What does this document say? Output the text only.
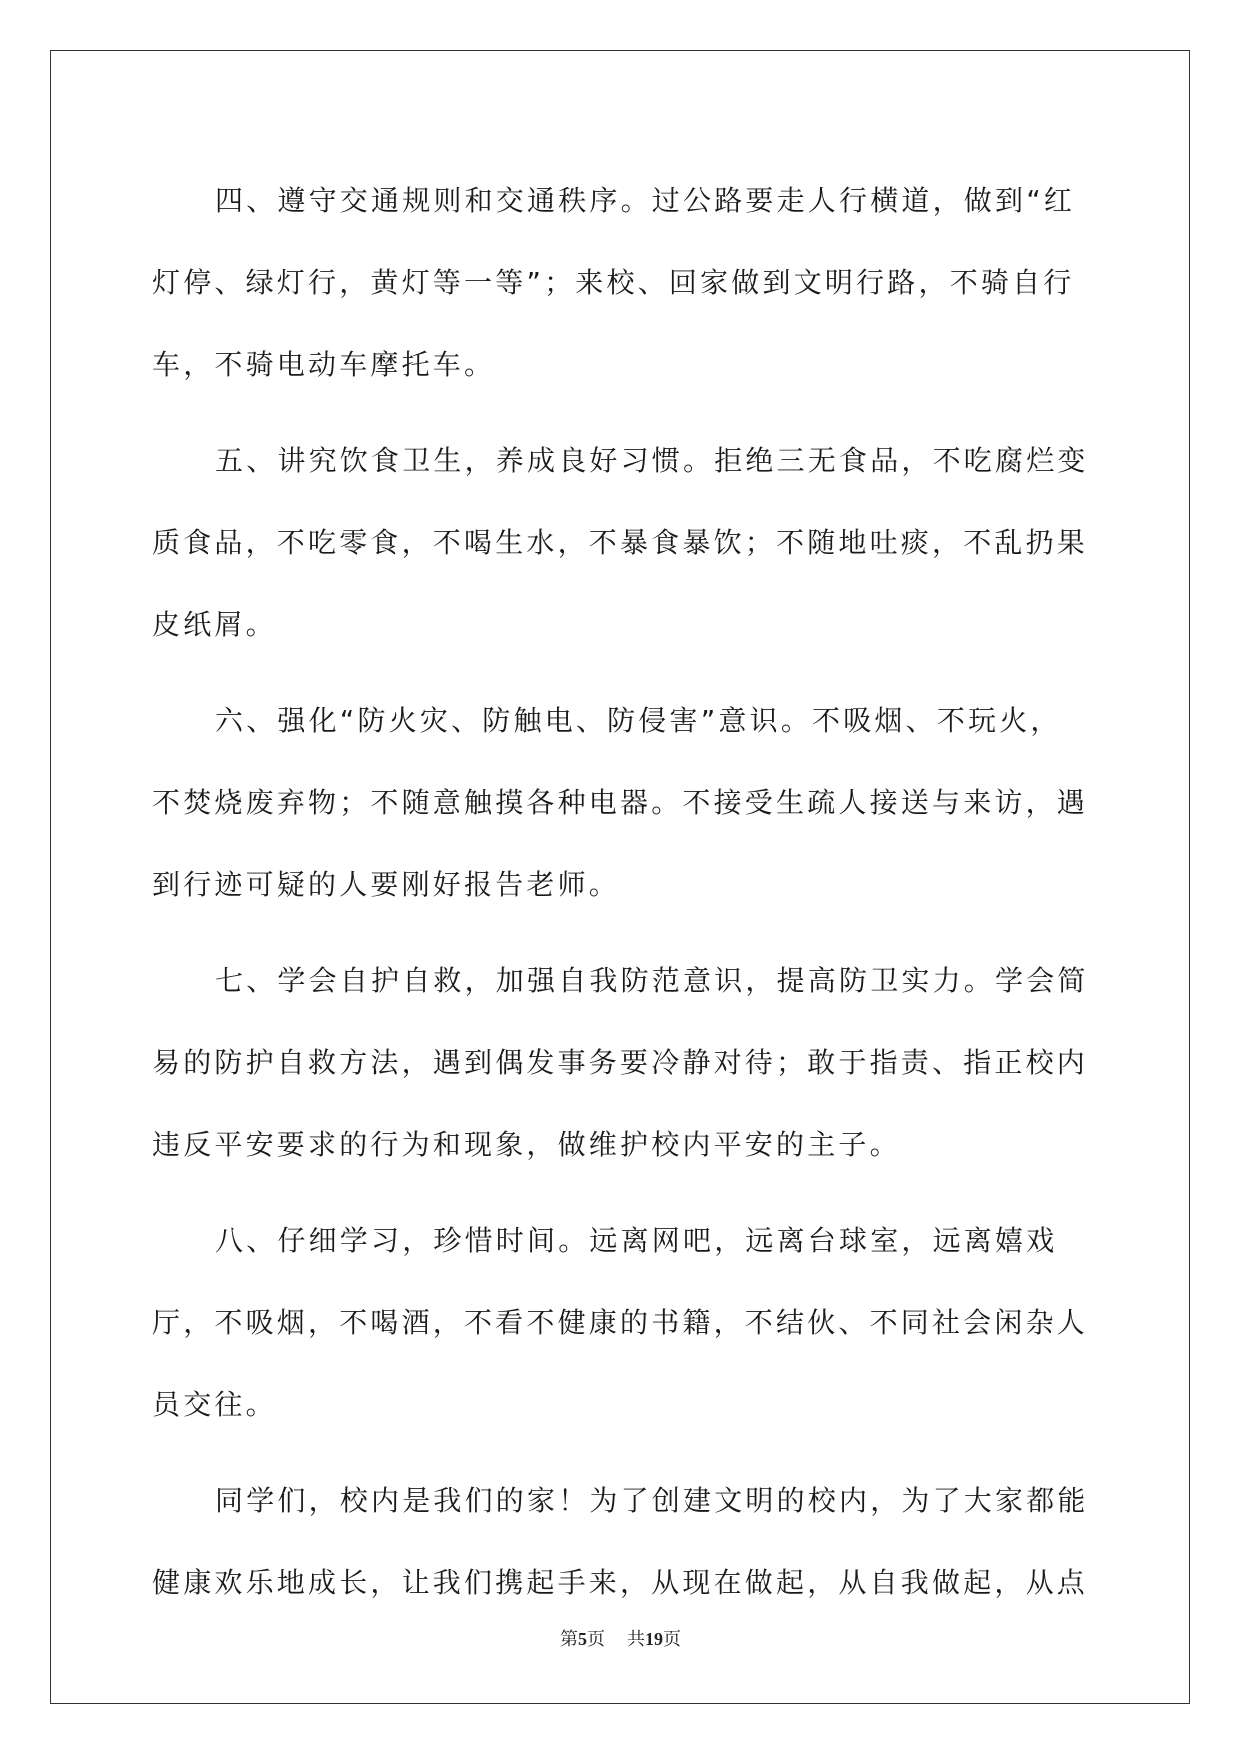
四、遵守交通规则和交通秩序。过公路要走人行横道，做到“红灯停、绿灯行，黄灯等一等”；来校、回家做到文明行路，不骑自行车，不骑电动车摩托车。

五、讲究饮食卫生，养成良好习惯。拒绝三无食品，不吃腐烂变质食品，不吃零食，不喝生水，不暴食暴饮；不随地吐痰，不乱扔果皮纸屑。

六、强化“防火灾、防触电、防侵害”意识。不吸烟、不玩火，不焚烧废弃物；不随意触摸各种电器。不接受生疏人接送与来访，遇到行迹可疑的人要刚好报告老师。

七、学会自护自救，加强自我防范意识，提高防卫实力。学会简易的防护自救方法，遇到偶发事务要冷静对待；敢于指责、指正校内违反平安要求的行为和现象，做维护校内平安的主子。

八、仔细学习，珍惜时间。远离网吧，远离台球室，远离嬉戏厅，不吸烟，不喝酒，不看不健康的书籍，不结伙、不同社会闲杂人员交往。

同学们，校内是我们的家！为了创建文明的校内，为了大家都能健康欢乐地成长，让我们携起手来，从现在做起，从自我做起，从点

第5页 共19页
